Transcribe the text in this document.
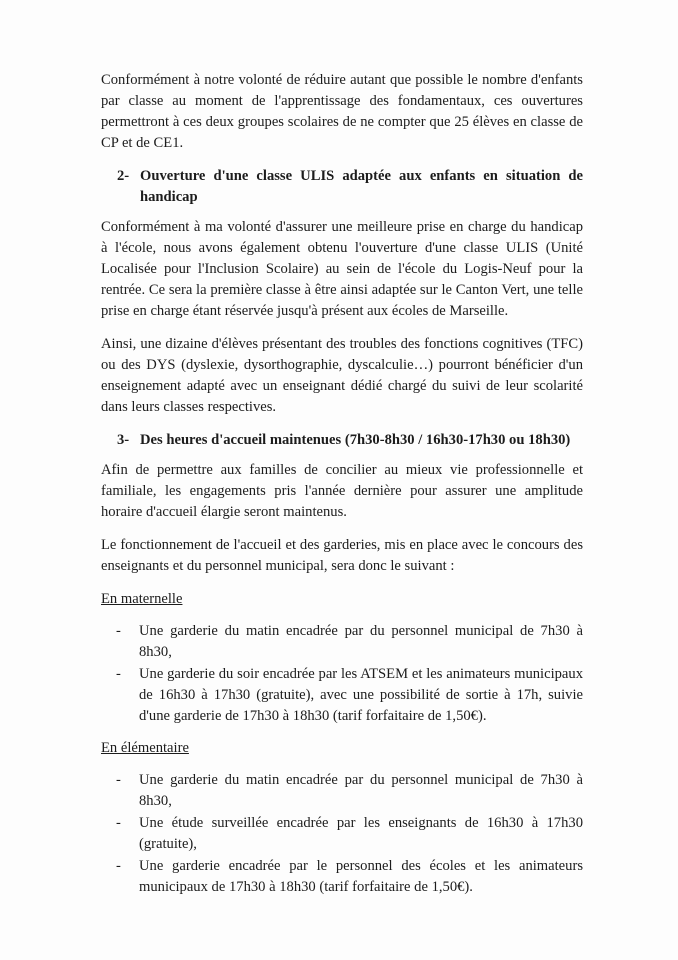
Conformément à notre volonté de réduire autant que possible le nombre d'enfants par classe au moment de l'apprentissage des fondamentaux, ces ouvertures permettront à ces deux groupes scolaires de ne compter que 25 élèves en classe de CP et de CE1.

2- Ouverture d'une classe ULIS adaptée aux enfants en situation de handicap

Conformément à ma volonté d'assurer une meilleure prise en charge du handicap à l'école, nous avons également obtenu l'ouverture d'une classe ULIS (Unité Localisée pour l'Inclusion Scolaire) au sein de l'école du Logis-Neuf pour la rentrée. Ce sera la première classe à être ainsi adaptée sur le Canton Vert, une telle prise en charge étant réservée jusqu'à présent aux écoles de Marseille.

Ainsi, une dizaine d'élèves présentant des troubles des fonctions cognitives (TFC) ou des DYS (dyslexie, dysorthographie, dyscalculie…) pourront bénéficier d'un enseignement adapté avec un enseignant dédié chargé du suivi de leur scolarité dans leurs classes respectives.

3- Des heures d'accueil maintenues (7h30-8h30 / 16h30-17h30 ou 18h30)

Afin de permettre aux familles de concilier au mieux vie professionnelle et familiale, les engagements pris l'année dernière pour assurer une amplitude horaire d'accueil élargie seront maintenus.

Le fonctionnement de l'accueil et des garderies, mis en place avec le concours des enseignants et du personnel municipal, sera donc le suivant :

En maternelle
-	Une garderie du matin encadrée par du personnel municipal de 7h30 à 8h30,
-	Une garderie du soir encadrée par les ATSEM et les animateurs municipaux de 16h30 à 17h30 (gratuite), avec une possibilité de sortie à 17h, suivie d'une garderie de 17h30 à 18h30 (tarif forfaitaire de 1,50€).
En élémentaire
-	Une garderie du matin encadrée par du personnel municipal de 7h30 à 8h30,
-	Une étude surveillée encadrée par les enseignants de 16h30 à 17h30 (gratuite),
-	Une garderie encadrée par le personnel des écoles et les animateurs municipaux de 17h30 à 18h30 (tarif forfaitaire de 1,50€).
